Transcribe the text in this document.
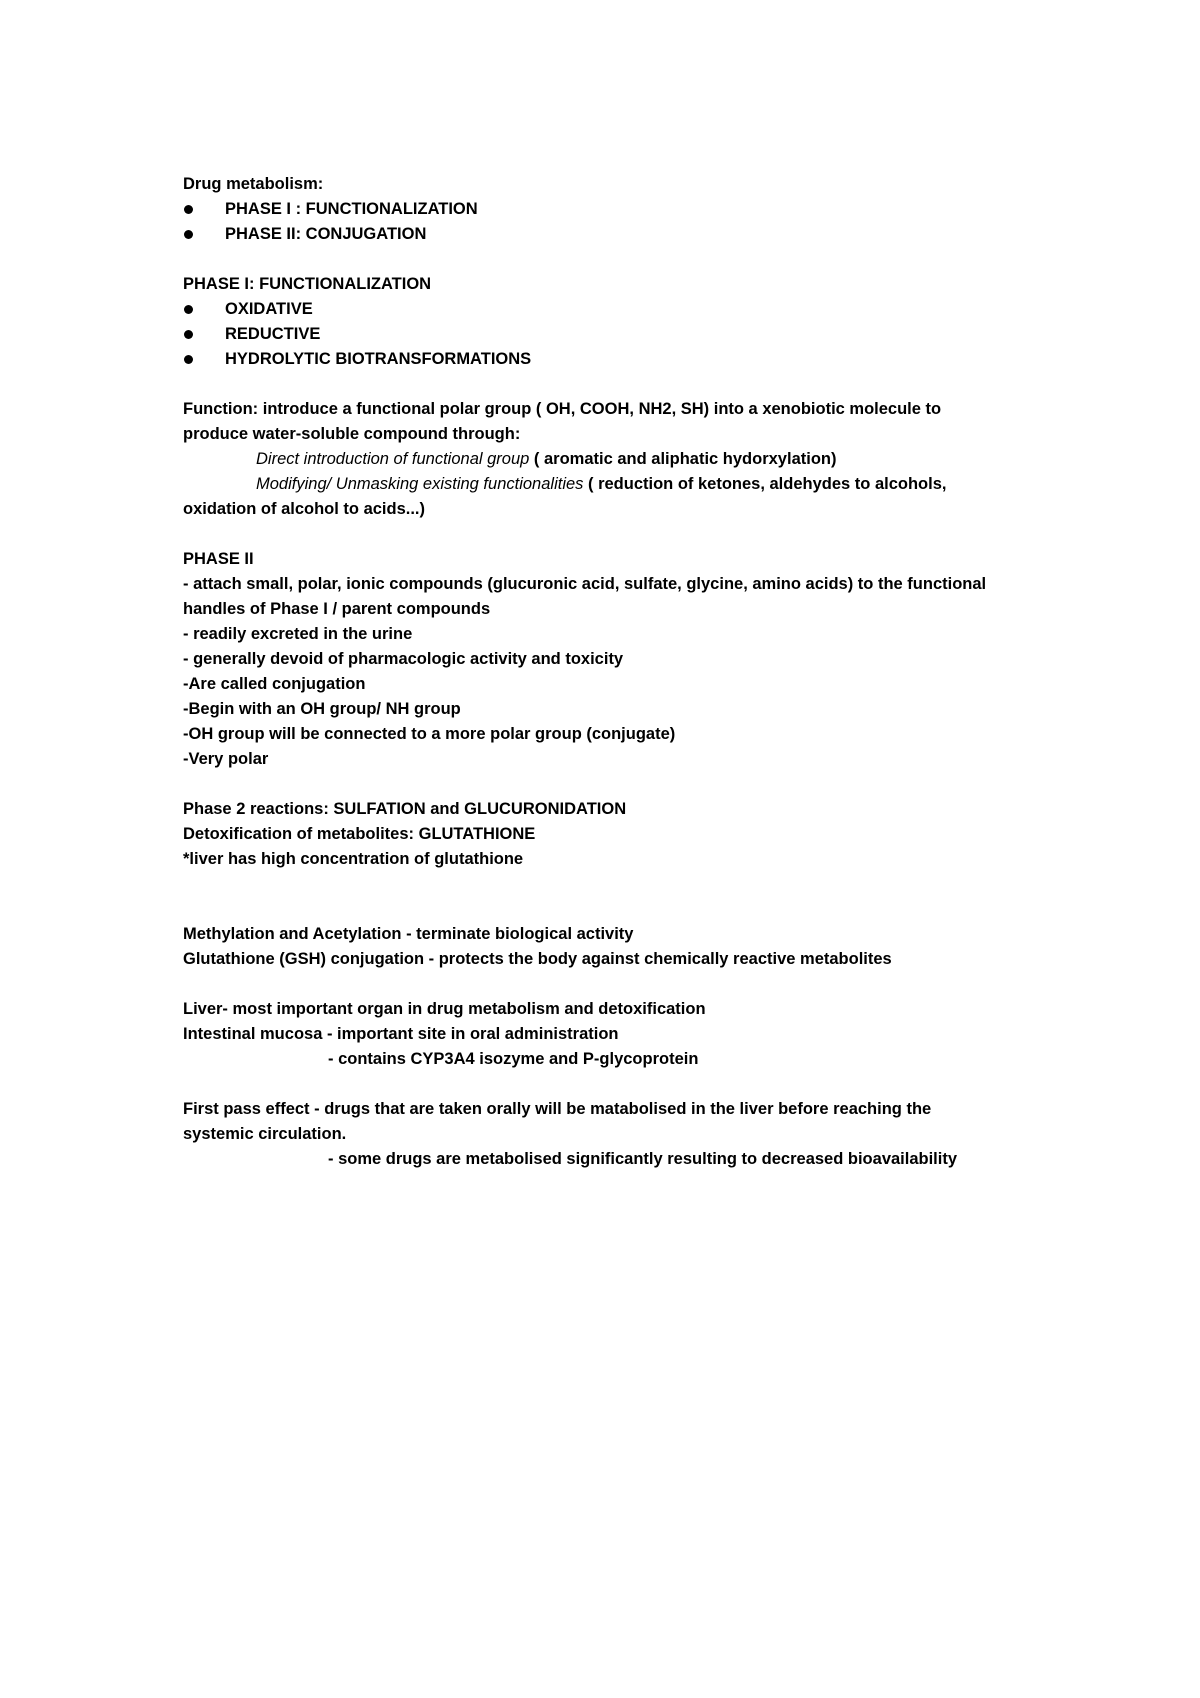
Drug metabolism:
PHASE I : FUNCTIONALIZATION
PHASE II: CONJUGATION
PHASE I: FUNCTIONALIZATION
OXIDATIVE
REDUCTIVE
HYDROLYTIC BIOTRANSFORMATIONS
Function: introduce a functional polar group ( OH, COOH, NH2, SH) into a xenobiotic molecule to
produce water-soluble compound through:
Direct introduction of functional group ( aromatic and aliphatic hydorxylation)
Modifying/ Unmasking existing functionalities ( reduction of ketones, aldehydes to alcohols,
oxidation of alcohol to acids...)
PHASE II
- attach small, polar, ionic compounds (glucuronic acid, sulfate, glycine, amino acids) to the functional
handles of Phase I / parent compounds
- readily excreted in the urine
- generally devoid of pharmacologic activity and toxicity
-Are called conjugation
-Begin with an OH group/ NH group
-OH group will be connected to a more polar group (conjugate)
-Very polar
Phase 2 reactions: SULFATION and GLUCURONIDATION
Detoxification of metabolites: GLUTATHIONE
*liver has high concentration of glutathione
Methylation and Acetylation - terminate biological activity
Glutathione (GSH) conjugation - protects the body against chemically reactive metabolites
Liver- most important organ in drug metabolism and detoxification
Intestinal mucosa - important site in oral administration
- contains CYP3A4 isozyme and P-glycoprotein
First pass effect - drugs that are taken orally will be matabolised in the liver before reaching the
systemic circulation.
- some drugs are metabolised significantly resulting to decreased bioavailability
